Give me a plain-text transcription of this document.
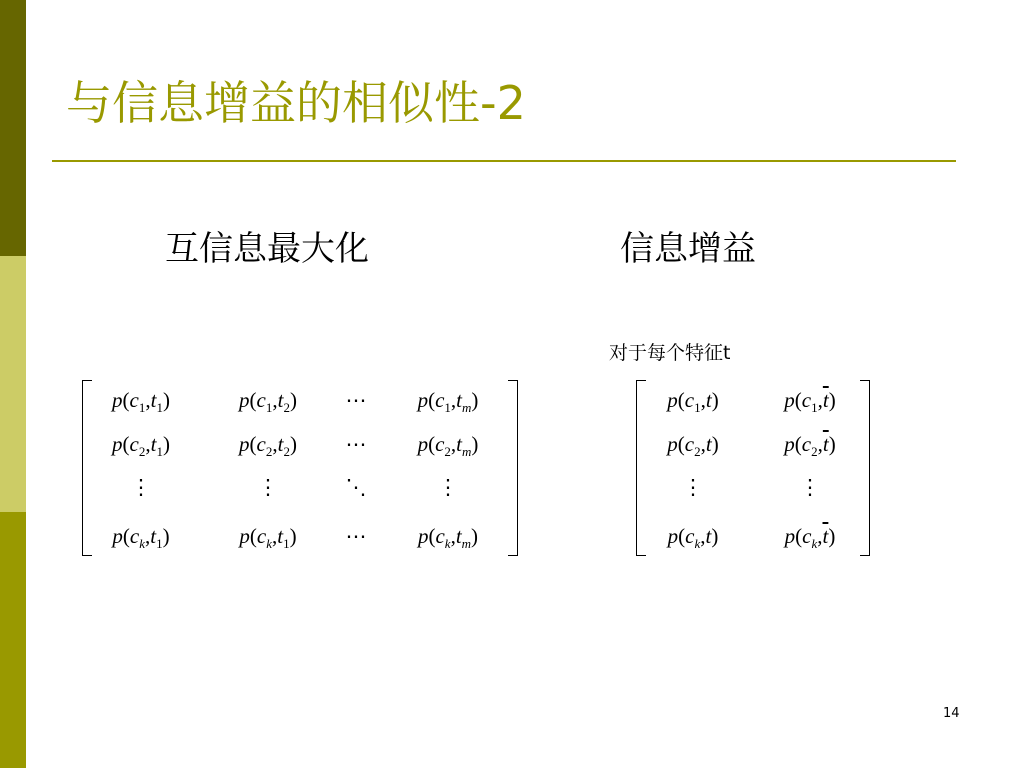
与信息增益的相似性-2
互信息最大化	信息增益
对于每个特征t
$p(c_1,t_1)$	$p(c_1,t_2)$ ⋯ $p(c_1,t_m)$
$p(c_2,t_1)$	$p(c_2,t_2)$ ⋯ $p(c_2,t_m)$
⋮	⋮	⋱	⋮
$p(c_k,t_1)$	$p(c_k,t_1)$ ⋯ $p(c_k,t_m)$
$p(c_1,t)$	$p(c_1,\overline{t})$
$p(c_2,t)$	$p(c_2,\overline{t})$
⋮	⋮
$p(c_k,t)$	$p(c_k,\overline{t})$
14
